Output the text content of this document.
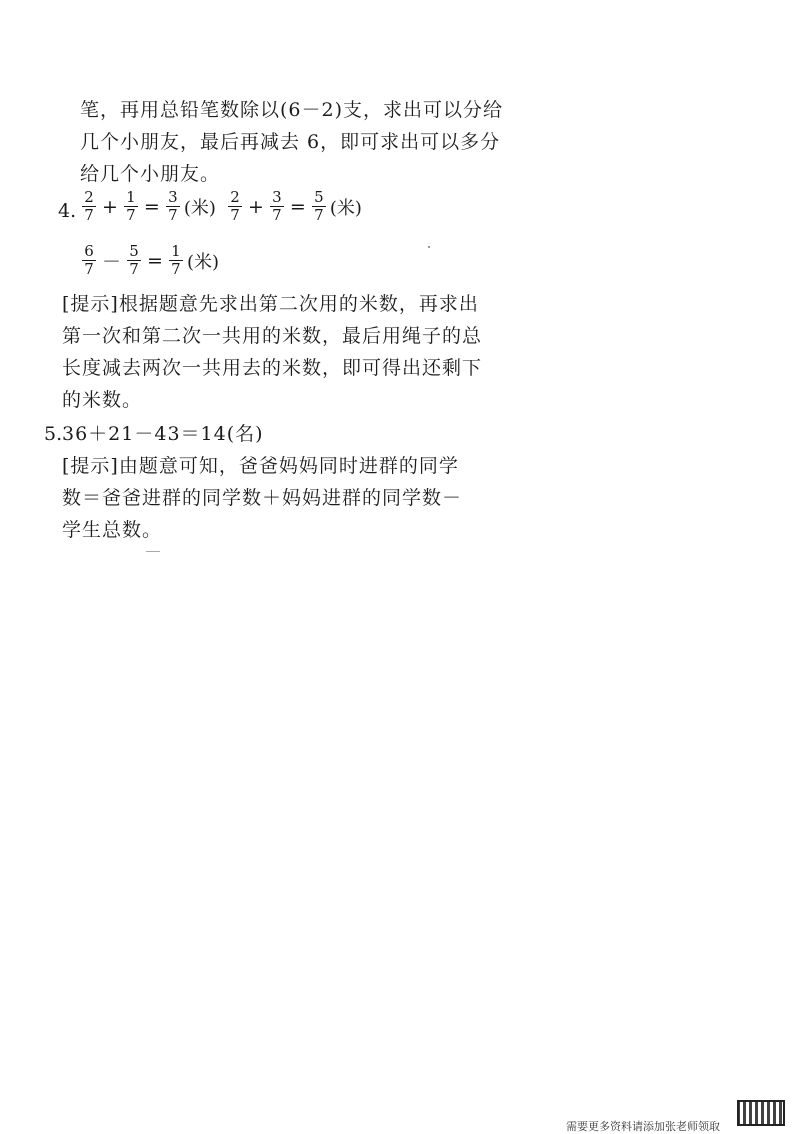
笔，再用总铅笔数除以(6－2)支，求出可以分给
几个小朋友，最后再减去 6，即可求出可以多分
给几个小朋友。
4. $\frac{2}{7} + \frac{1}{7} = \frac{3}{7}$ (米) $\frac{2}{7} + \frac{3}{7} = \frac{5}{7}$ (米)
$\frac{6}{7} - \frac{5}{7} = \frac{1}{7}$ (米)
[提示]根据题意先求出第二次用的米数，再求出
第一次和第二次一共用的米数，最后用绳子的总
长度减去两次一共用去的米数，即可得出还剩下
的米数。
5. 36＋21－43＝14(名)
[提示]由题意可知，爸爸妈妈同时进群的同学
数＝爸爸进群的同学数＋妈妈进群的同学数－
学生总数。
需要更多资料请添加张老师领取
